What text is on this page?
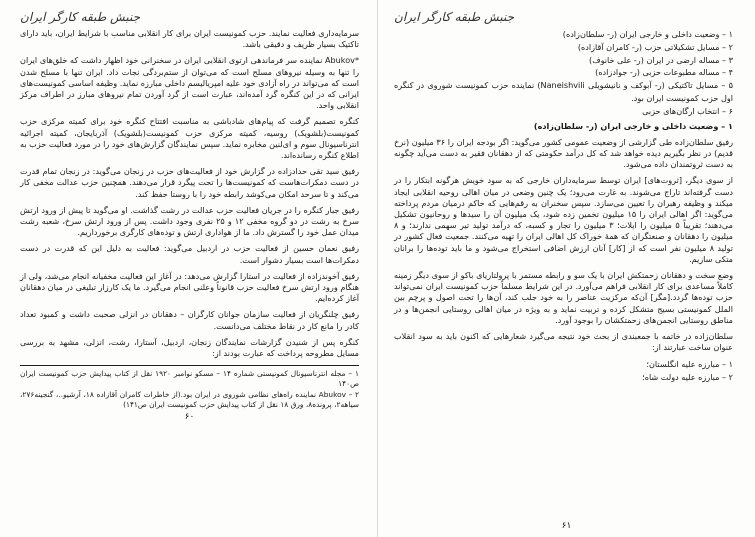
جنبش طبقه کارگر ایران

سرمایه‌داری فعالیت نمایند. حزب کمونیست ایران برای کار انقلابی مناسب با شرایط ایران، باید دارای تاکتیک بسیار ظریف و دقیقی باشد.

*Abukov نماینده سر فرماندهی ارتوی انقلابی ایران در سخنرانی خود اظهار داشت که خلق‌های ایران را تنها به وسیله نیروهای مسلح است که می‌توان از ستم‌بردگی نجات داد. ایران تنها با مسلح شدن است که می‌تواند در راه آزادی خود علیه امپریالیسم داخلی مبارزه نماید. وظیفه اساسی کمونیست‌های ایرانی که در این کنگره گرد آمده‌اند، عبارت است از گرد آوردن تمام نیروهای مبارز در اطراف مرکز انقلابی واحد.

کنگره تصمیم گرفت که پیام‌های شادباشی به مناسبت افتتاح کنگره خود برای کمیته مرکزی حزب کمونیست(بلشویک) روسیه، کمیته مرکزی حزب کمونیست(بلشویک) آذربایجان، کمیته اجرائیه انترناسیونال سوم و ای‌لنین مخابره نماید. سپس نمایندگان گزارش‌های خود را در مورد فعالیت حزب به اطلاع کنگره رسانده‌اند.

رفیق سید تقی حدادزاده در گزارش خود از فعالیت‌های حزب در زنجان می‌گوید: در زنجان تمام قدرت در دست دمکرات‌هاست که کمونیست‌ها را تحت پیگرد قرار می‌دهند. همچنین حزب عدالت مخفی کار می‌کند و تا سرحد امکان می‌کوشد رابطه خود را با روستا حفظ کند.

رفیق جبار کنگره را در جریان فعالیت حزب عدالت در رشت گذاشت. او می‌گوید تا پیش از ورود ارتش سرخ به رشت در دو گروه مخفی ۱۲ و ۲۵ نفری وجود داشت. پس از ورود ارتش سرخ، شعبه رشت میدان عمل خود را گسترش داد. ما از هواداری ارتش و توده‌های کارگری برخورداریم.

رفیق نعمان حسین از فعالیت حزب در اردبیل می‌گوید: فعالیت به دلیل این که قدرت در دست دمکرات‌ها است بسیار دشوار است.

رفیق آخوندزاده از فعالیت در استارا گزارش می‌دهد: در آغاز این فعالیت مخفیانه انجام می‌شد، ولی از هنگام ورود ارتش سرخ فعالیت حزب قانوناً وعلنی انجام می‌گیرد. ما یک کارزار تبلیغی در میان دهقانان آغاز کرده‌ایم.

رفیق چلنگریان از فعالیت سازمان جوانان کارگران – دهقانان در انزلی صحبت داشت و کمبود تعداد کادر را مانع کار در نقاط مختلف می‌دانست.

کنگره پس از شنیدن گزارشات نمایندگان زنجان، اردبیل، آستارا، رشت، انزلی، مشهد به بررسی مسایل مطروحه پرداخت که عبارت بودند از:

۱ – مجله انترناسیونال کمونیستی شماره ۱۴ – مسکو نوامبر ۱۹۲۰ نقل از کتاب پیدایش حزب کمونیست ایران ص۱۴۰

۲ – Abukov نماینده راه‌های نظامی شوروی در ایران بود.(از خاطرات کامران آقازاده ۱۸، آرشیو..، گنجینه۲۷۶، سیاهه۲، پرونده۸، ورق ۱۸ نقل از کتاب پیدایش حزب کمونیست ایران ص۱۴۱)

۶۰
جنبش طبقه کارگر ایران
۱ – وضعیت داخلی و خارجی ایران (ر- سلطان‌زاده)
۲ – مسایل تشکیلاتی حزب (ر- کامران آقازاده)
۳ – مساله ارضی در ایران (ر- علی خانوف)
۴ – مساله مطبوعات حزبی (ر- جوادزاده)
۵ – مسایل تاکتیکی (ر- آبوکف و نانیشویلی Naneishvili) نماینده حزب کمونیست شوروی در کنگره اول حزب کمونیست ایران بود.
۶ – انتخاب ارگان‌های حزبی

۱ – وضعیت داخلی و خارجی ایران (ر- سلطان‌زاده)

رفیق سلطان‌زاده طی گزارشی از وضعیت عمومی کشور می‌گوید: اگر بودجه ایران را ۳۶ میلیون (نرخ قدیم) در نظر بگیریم دیده خواهد شد که کل درآمد حکومتی که از دهقانان فقیر به دست می‌آید چگونه به دست ثروتمندان داده می‌شود.

از سوی دیگر، [ثروت‌های] ایران توسط سرمایه‌داران خارجی که به سود خویش هرگونه ابتکار را در دست گرفته‌اند تاراج می‌شوند. به غارت می‌رود؛ یک چنین وضعی در میان اهالی روحیه انقلابی ایجاد میکند و وظیفه رهبران را تعیین می‌سازد. سپس سخنران به رقم‌هایی که حاکم درمیان مردم پرداخته می‌گوید: اگر اهالی ایران را ۱۵ میلیون تخمین زده شود، یک میلیون آن را سیدها و روحانیون تشکیل می‌دهند؛ تقریباً ۵ میلیون را ایلات؛ ۳ میلیون را تجار و کسبه، که درآمد تولید تیر سهمی ندارند؛ و ۸ میلیون را دهقانان و صنعتگران که همۀ خوراک کل اهالی ایران را تهیه می‌کنند. جمعیت فعال کشور در تولید ۸ میلیون نفر است که از [کار] آنان ارزش اضافی استخراج می‌شود و ما باید توده‌ها را برانان متکی سازیم.

وضع سخت و دهقانان زحمتکش ایران با یک سو و رابطه مستمر با پرولتاریای باکو از سوی دیگر زمینه کاملاً مساعدی برای کار انقلابی فراهم می‌آورد. در این شرایط مسلماً حزب کمونیست ایران نمی‌تواند حزب توده‌ها گردد.[مگر] آن‌که مرکزیت عناصر را به خود جلب کند، آن‌ها را تحت اصول و پرچم بین الملل کمونیستی بسیج متشکل کرده و تربیت نماید و به ویژه در میان اهالی روستایی انجمن‌ها و در مناطق روستایی انجمن‌های زحمتکشان را بوجود آورد.

سلطان‌زاده در خاتمه با جمعبندی از بحث خود نتیجه می‌گیرد شعارهایی که اکنون باید به سود انقلاب عنوان ساخت عبارتند از:

۱ – مبارزه علیه انگلستان؛
۲ – مبارزه علیه دولت شاه؛
۶۱
